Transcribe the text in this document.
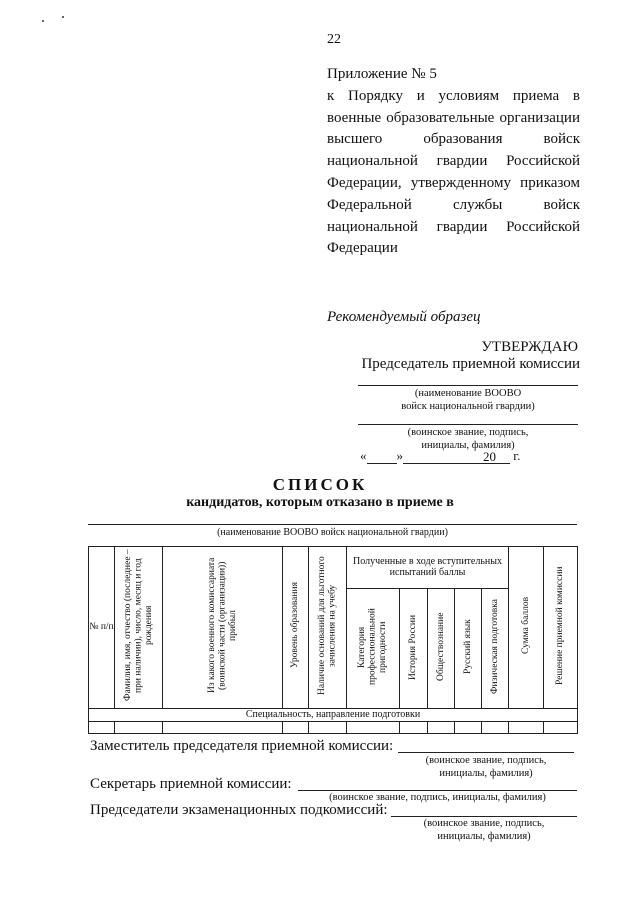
22
Приложение № 5
к Порядку и условиям приема в военные образовательные организации высшего образования войск национальной гвардии Российской Федерации, утвержденному приказом Федеральной службы войск национальной гвардии Российской Федерации
Рекомендуемый образец
УТВЕРЖДАЮ
Председатель приемной комиссии
(наименование ВООВО
войск национальной гвардии)
(воинское звание, подпись,
инициалы, фамилия)
« »	20 г.
СПИСОК
кандидатов, которым отказано в приеме в
(наименование ВООВО войск национальной гвардии)
№ п/п	Фамилия, имя, отчество (последнее – при наличии), число, месяц и год рождения	Из какого военного комиссариата (воинской части (организации)) прибыл	Уровень образования	Наличие оснований для льготного зачисления на учебу	Полученные в ходе вступительных испытаний баллы					Сумма баллов	Решение приемной комиссии
					Категория профессиональной пригодности	История России	Обществознание	Русский язык	Физическая подготовка		
Специальность, направление подготовки											

Заместитель председателя приемной комиссии:
(воинское звание, подпись,
инициалы, фамилия)
Секретарь приемной комиссии:
(воинское звание, подпись, инициалы, фамилия)
Председатели экзаменационных подкомиссий:
(воинское звание, подпись,
инициалы, фамилия)
